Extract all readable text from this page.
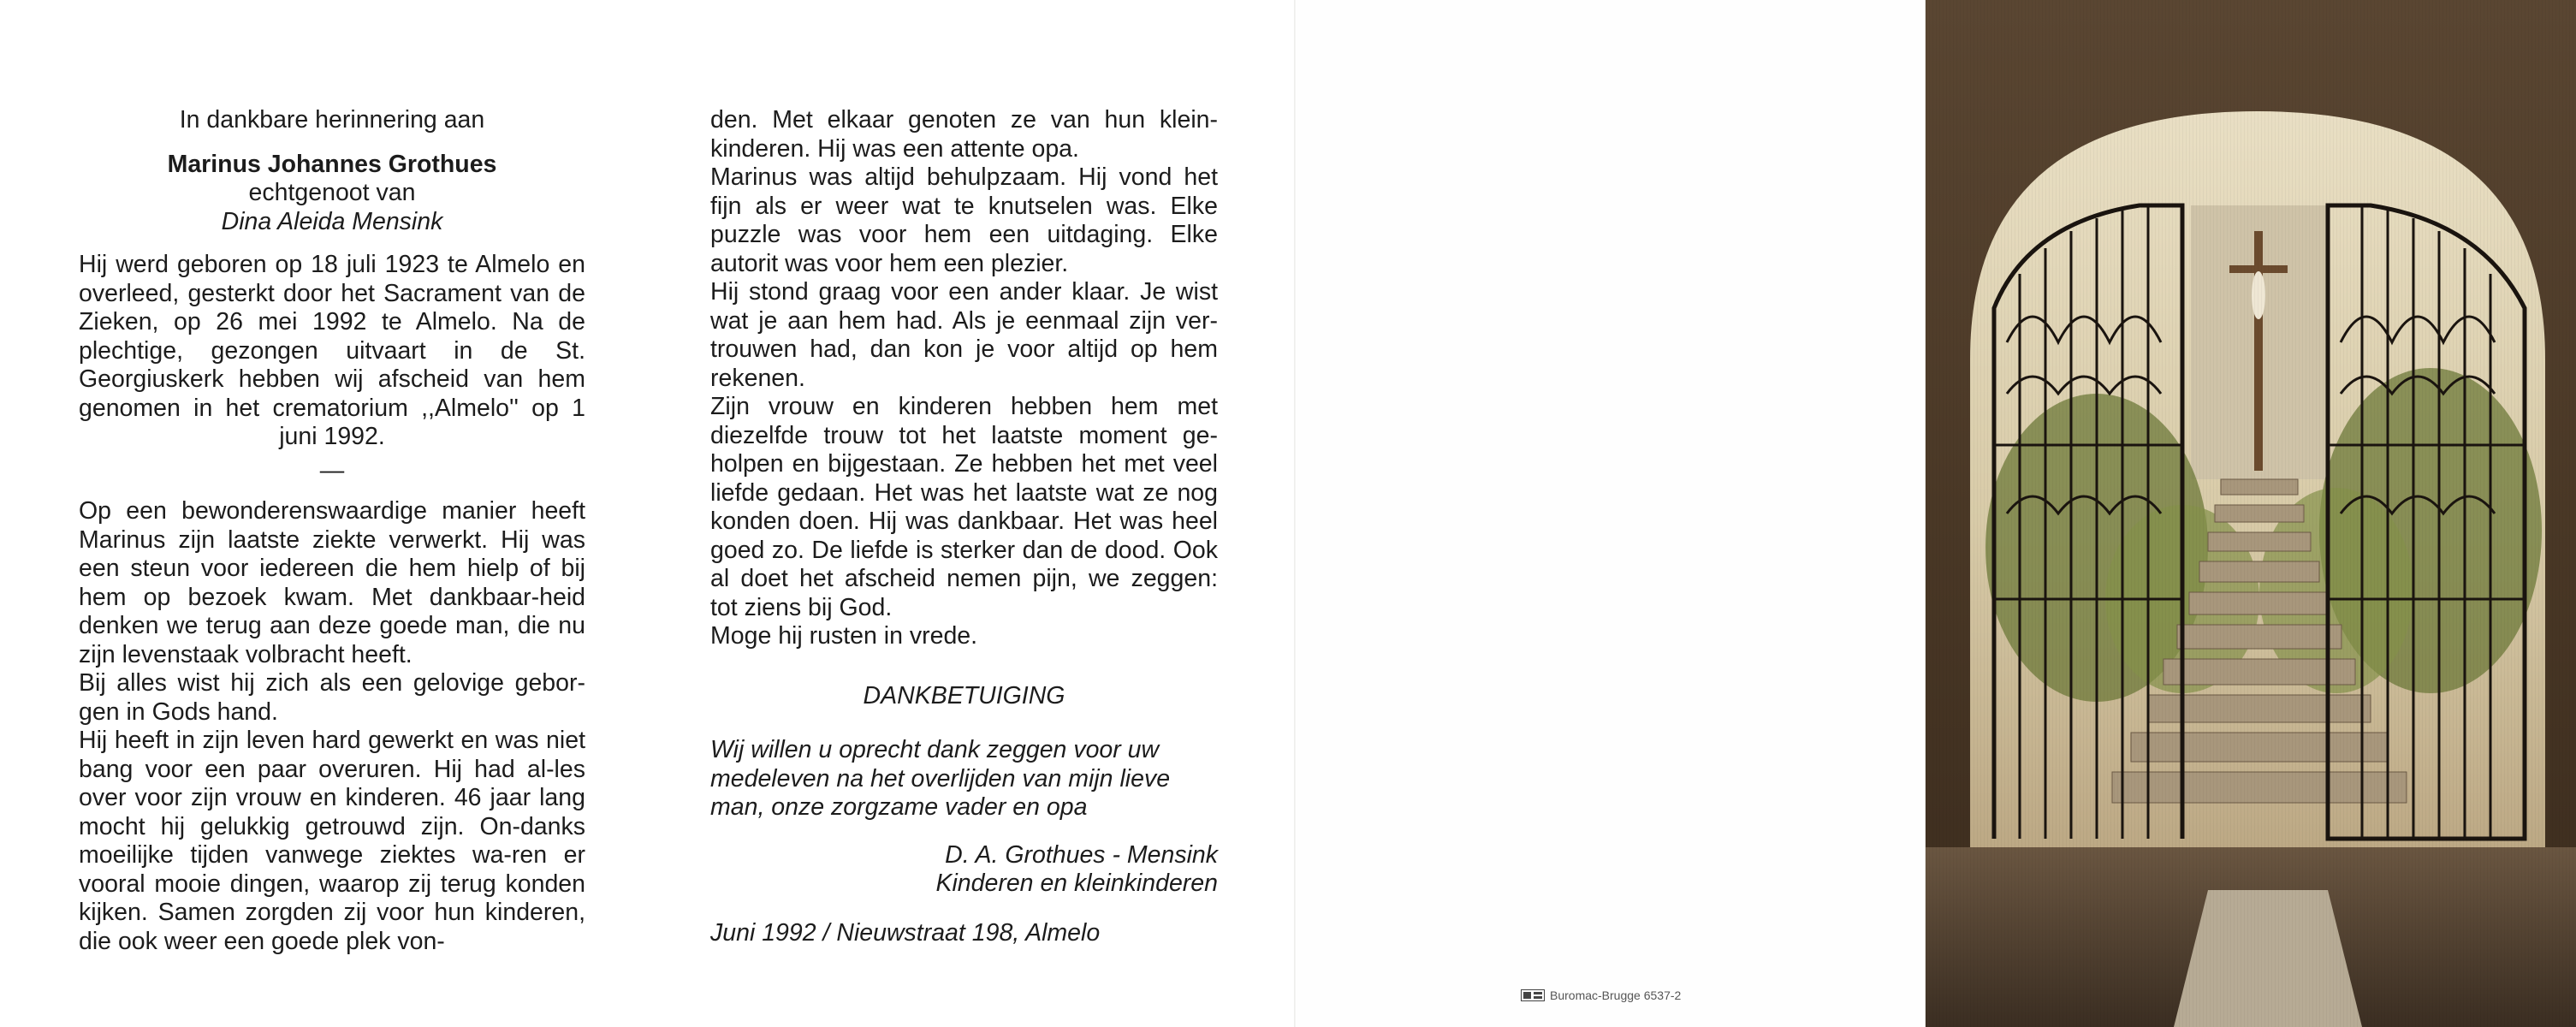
In dankbare herinnering aan

Marinus Johannes Grothues

echtgenoot van

Dina Aleida Mensink

Hij werd geboren op 18 juli 1923 te Almelo en overleed, gesterkt door het Sacrament van de Zieken, op 26 mei 1992 te Almelo. Na de plechtige, gezongen uitvaart in de St. Georgiuskerk hebben wij afscheid van hem genomen in het crematorium ,,Almelo'' op 1 juni 1992.

—

Op een bewonderenswaardige manier heeft Marinus zijn laatste ziekte verwerkt. Hij was een steun voor iedereen die hem hielp of bij hem op bezoek kwam. Met dankbaar-heid denken we terug aan deze goede man, die nu zijn levenstaak volbracht heeft.

Bij alles wist hij zich als een gelovige gebor-gen in Gods hand.

Hij heeft in zijn leven hard gewerkt en was niet bang voor een paar overuren. Hij had al-les over voor zijn vrouw en kinderen. 46 jaar lang mocht hij gelukkig getrouwd zijn. On-danks moeilijke tijden vanwege ziektes wa-ren er vooral mooie dingen, waarop zij terug konden kijken. Samen zorgden zij voor hun kinderen, die ook weer een goede plek von-

den. Met elkaar genoten ze van hun klein-kinderen. Hij was een attente opa.

Marinus was altijd behulpzaam. Hij vond het fijn als er weer wat te knutselen was. Elke puzzle was voor hem een uitdaging. Elke autorit was voor hem een plezier.

Hij stond graag voor een ander klaar. Je wist wat je aan hem had. Als je eenmaal zijn ver-trouwen had, dan kon je voor altijd op hem rekenen.

Zijn vrouw en kinderen hebben hem met diezelfde trouw tot het laatste moment ge-holpen en bijgestaan. Ze hebben het met veel liefde gedaan. Het was het laatste wat ze nog konden doen. Hij was dankbaar. Het was heel goed zo. De liefde is sterker dan de dood. Ook al doet het afscheid nemen pijn, we zeggen: tot ziens bij God.

Moge hij rusten in vrede.

DANKBETUIGING

Wij willen u oprecht dank zeggen voor uw medeleven na het overlijden van mijn lieve man, onze zorgzame vader en opa

D. A. Grothues - Mensink

Kinderen en kleinkinderen

Juni 1992 / Nieuwstraat 198, Almelo

Buromac-Brugge 6537-2
